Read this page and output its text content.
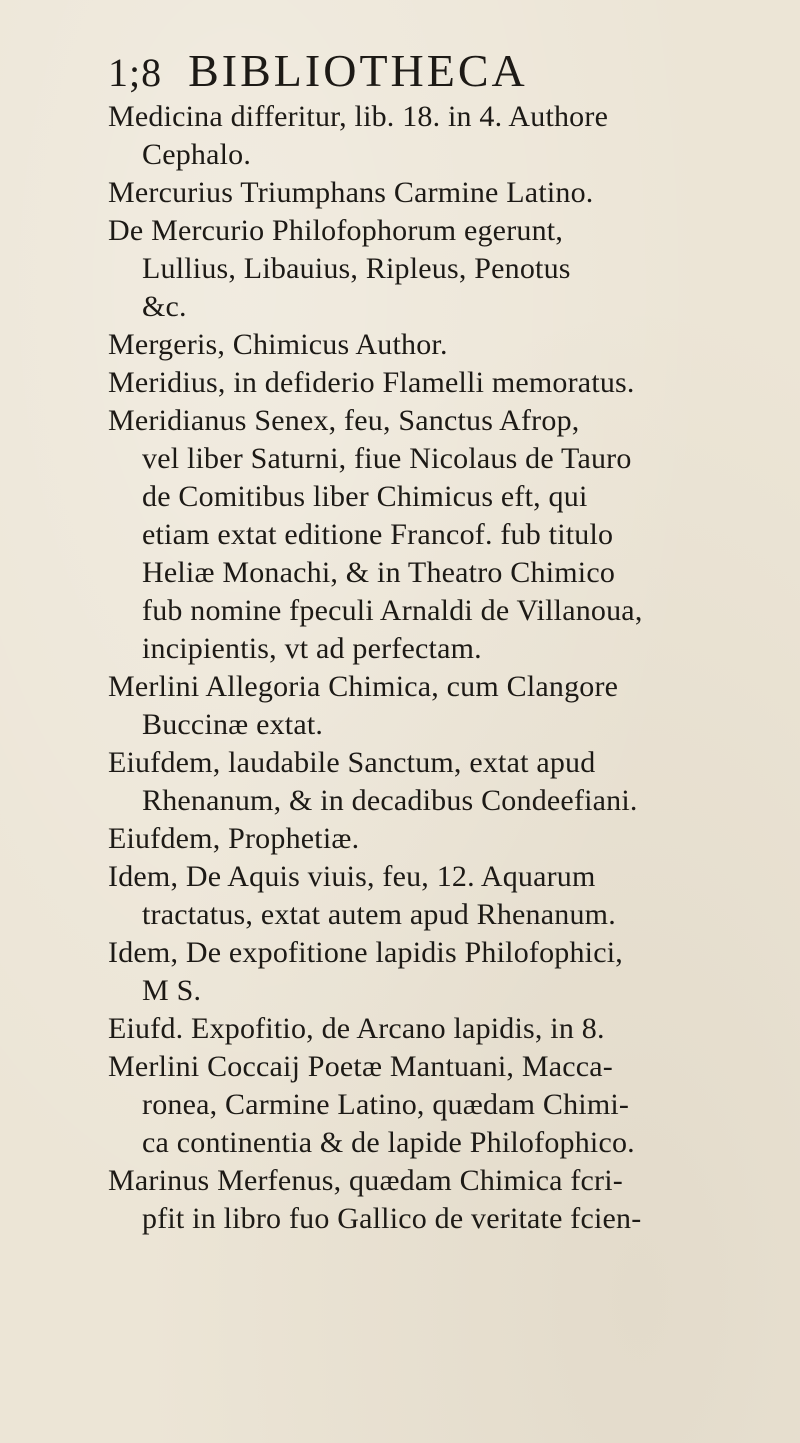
1;8 BIBLIOTHECA
Medicina differitur, lib. 18. in 4. Authore
Cephalo.
Mercurius Triumphans Carmine Latino.
De Mercurio Philofophorum egerunt,
Lullius, Libauius, Ripleus, Penotus
&c.
Mergeris, Chimicus Author.
Meridius, in defiderio Flamelli memoratus.
Meridianus Senex, feu, Sanctus Afrop,
vel liber Saturni, fiue Nicolaus de Tauro
de Comitibus liber Chimicus eft, qui
etiam extat editione Francof. fub titulo
Heliæ Monachi, & in Theatro Chimico
fub nomine fpeculi Arnaldi de Villanoua,
incipientis, vt ad perfectam.
Merlini Allegoria Chimica, cum Clangore
Buccinæ extat.
Eiufdem, laudabile Sanctum, extat apud
Rhenanum, & in decadibus Condeefiani.
Eiufdem, Prophetiæ.
Idem, De Aquis viuis, feu, 12. Aquarum
tractatus, extat autem apud Rhenanum.
Idem, De expofitione lapidis Philofophici,
M S.
Eiufd. Expofitio, de Arcano lapidis, in 8.
Merlini Coccaij Poetæ Mantuani, Macca-
ronea, Carmine Latino, quædam Chimi-
ca continentia & de lapide Philofophico.
Marinus Merfenus, quædam Chimica fcri-
pfit in libro fuo Gallico de veritate fcien-
